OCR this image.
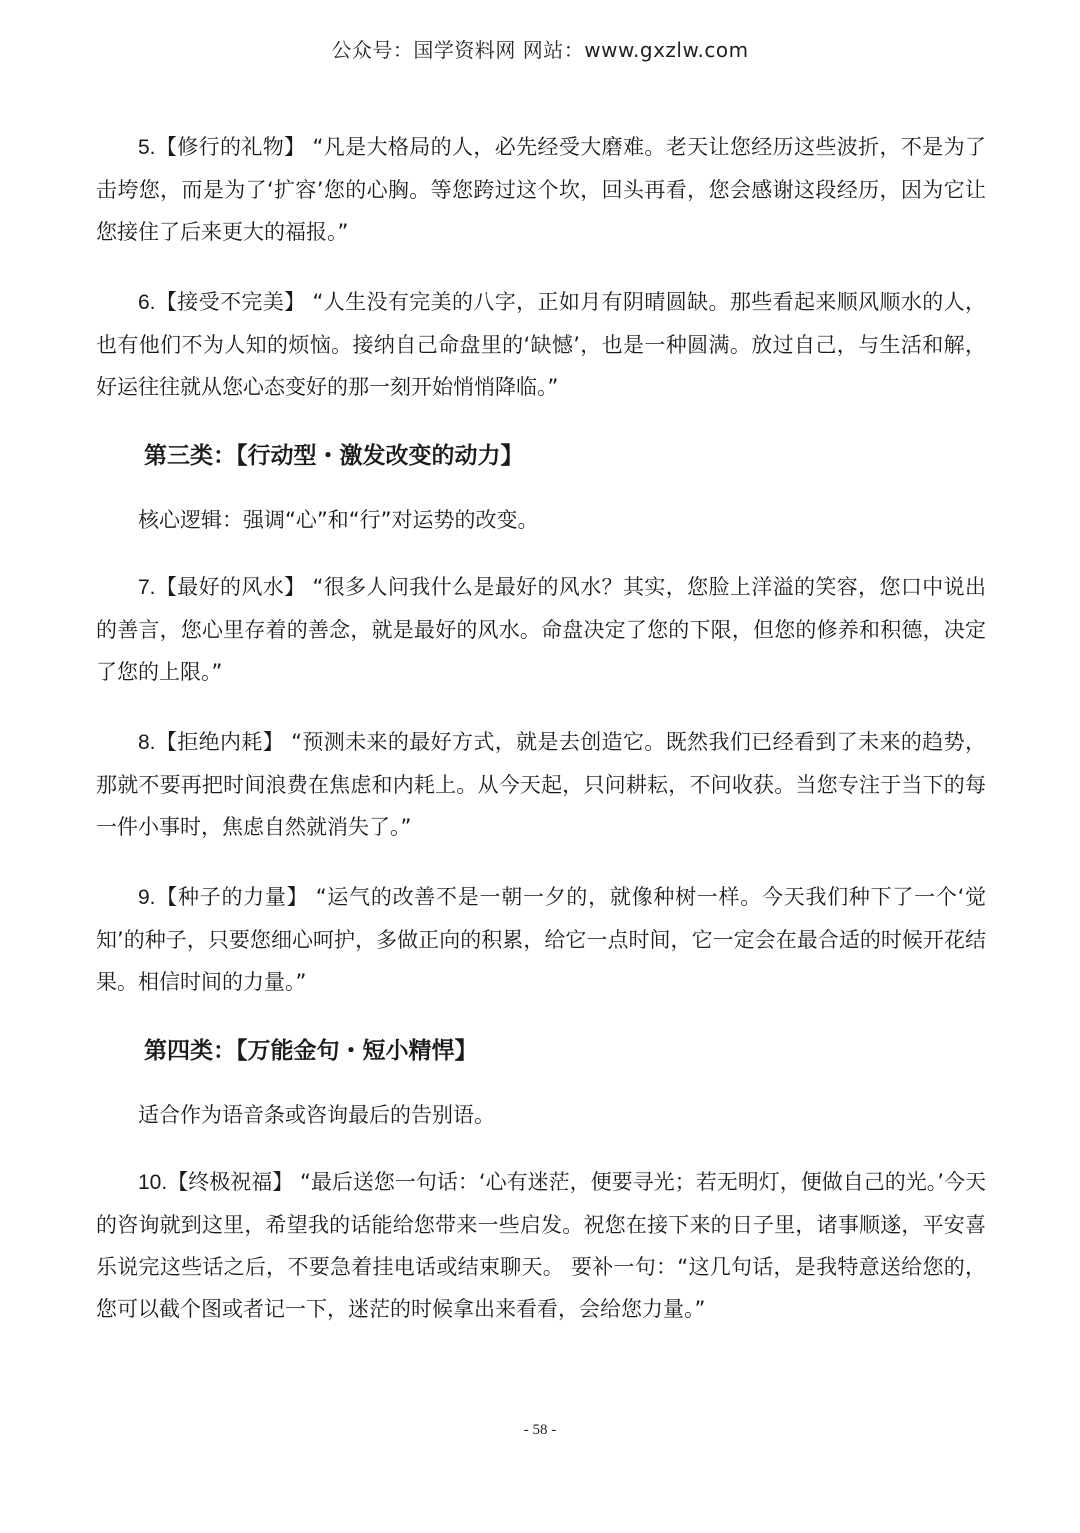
公众号：国学资料网 网站：www.gxzlw.com

5.【修行的礼物】 “凡是大格局的人，必先经受大磨难。老天让您经历这些波折，不是为了击垮您，而是为了‘扩容’您的心胸。等您跨过这个坎，回头再看，您会感谢这段经历，因为它让您接住了后来更大的福报。”

6.【接受不完美】 “人生没有完美的八字，正如月有阴晴圆缺。那些看起来顺风顺水的人，也有他们不为人知的烦恼。接纳自己命盘里的‘缺憾’，也是一种圆满。放过自己，与生活和解，好运往往就从您心态变好的那一刻开始悄悄降临。”

第三类：【行动型・激发改变的动力】
核心逻辑：强调“心”和“行”对运势的改变。

7.【最好的风水】 “很多人问我什么是最好的风水？其实，您脸上洋溢的笑容，您口中说出的善言，您心里存着的善念，就是最好的风水。命盘决定了您的下限，但您的修养和积德，决定了您的上限。”

8.【拒绝内耗】 “预测未来的最好方式，就是去创造它。既然我们已经看到了未来的趋势，那就不要再把时间浪费在焦虑和内耗上。从今天起，只问耕耘，不问收获。当您专注于当下的每一件小事时，焦虑自然就消失了。”

9.【种子的力量】 “运气的改善不是一朝一夕的，就像种树一样。今天我们种下了一个‘觉知’的种子，只要您细心呵护，多做正向的积累，给它一点时间，它一定会在最合适的时候开花结果。相信时间的力量。”

第四类：【万能金句・短小精悍】
适合作为语音条或咨询最后的告别语。

10.【终极祝福】 “最后送您一句话：‘心有迷茫，便要寻光；若无明灯，便做自己的光。’今天的咨询就到这里，希望我的话能给您带来一些启发。祝您在接下来的日子里，诸事顺遂，平安喜乐说完这些话之后，不要急着挂电话或结束聊天。 要补一句：“这几句话，是我特意送给您的，您可以截个图或者记一下，迷茫的时候拿出来看看，会给您力量。”

- 58 -
